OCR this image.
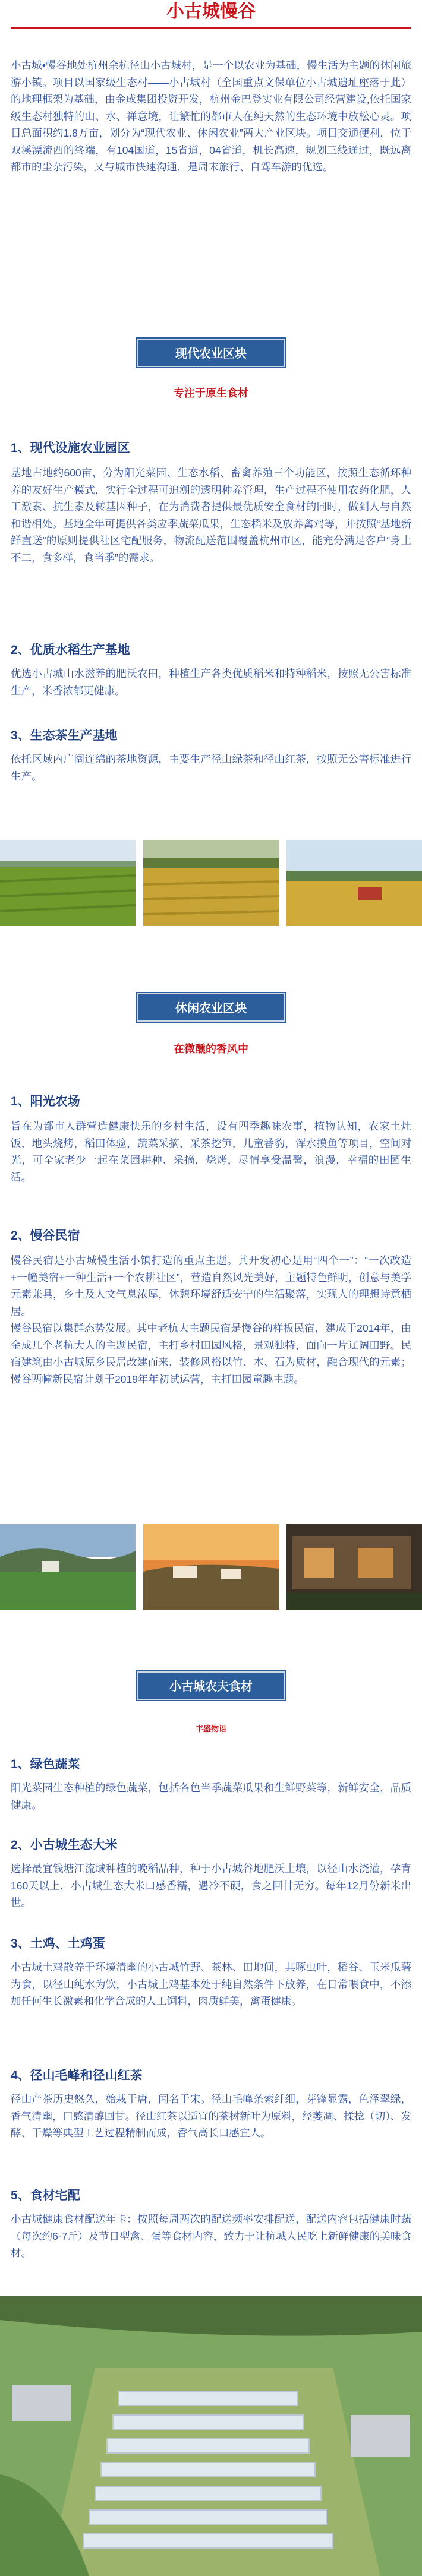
小古城慢谷

小古城•慢谷地处杭州余杭径山小古城村，是一个以农业为基础，慢生活为主题的休闲旅游小镇。项目以国家级生态村——小古城村（全国重点文保单位小古城遗址座落于此）的地理框架为基础，由金成集团投资开发，杭州金巴登实业有限公司经营建设,依托国家级生态村独特的山、水、禅意境，让繁忙的都市人在纯天然的生态环境中放松心灵。项目总面积约1.8万亩，划分为“现代农业、休闲农业”两大产业区块。项目交通便利，位于双溪漂流西的终端，有104国道，15省道，04省道，机长高速，规划三线通过，既远离都市的尘杂污染，又与城市快速沟通，是周末旅行、自驾车游的优选。

现代农业区块
专注于原生食材
1、现代设施农业园区

基地占地约600亩，分为阳光菜园、生态水稻、畜禽养殖三个功能区，按照生态循环种养的友好生产模式，实行全过程可追溯的透明种养管理，生产过程不使用农药化肥，人工激素、抗生素及转基因种子，在为消费者提供最优质安全食材的同时，做到人与自然和谐相处。基地全年可提供各类应季蔬菜瓜果，生态稻米及放养禽鸡等，并按照“基地新鲜直送”的原则提供社区宅配服务，物流配送范围覆盖杭州市区，能充分满足客户“身土不二，食多样，食当季”的需求。

2、优质水稻生产基地

优选小古城山水滋养的肥沃农田，种植生产各类优质稻米和特种稻米，按照无公害标准生产，米香浓郁更健康。

3、生态茶生产基地

依托区域内广阔连绵的茶地资源，主要生产径山绿茶和径山红茶，按照无公害标准进行生产。

休闲农业区块
在微醺的香风中
1、阳光农场

旨在为都市人群营造健康快乐的乡村生活，设有四季趣味农事，植物认知，农家土灶饭，地头烧烤，稻田体验，蔬菜采摘，采茶挖笋，儿童番豹，浑水摸鱼等项目，空间对光，可全家老少一起在菜园耕种、采摘，烧烤，尽情享受温馨，浪漫，幸福的田园生活。

2、慢谷民宿

慢谷民宿是小古城慢生活小镇打造的重点主题。其开发初心是用“四个一”：“一次改造+一幢美宿+一种生活+一个农耕社区”，营造自然风光美好，主题特色鲜明，创意与美学元素兼具，乡土及人文气息浓厚，休憩环境舒适安宁的生活聚落，实现人的理想诗意栖居。
慢谷民宿以集群态势发展。其中老杭大主题民宿是慢谷的样板民宿，建成于2014年，由金成几个老杭大人的主题民宿，主打乡村田园风格，景观独特，面向一片辽阔田野。民宿建筑由小古城原乡民居改建而来，装修风格以竹、木、石为质材，融合现代的元素；慢谷两幢新民宿计划于2019年年初试运营，主打田园童趣主题。

小古城农夫食材
丰盛物语
1、绿色蔬菜

阳光菜园生态种植的绿色蔬菜，包括各色当季蔬菜瓜果和生鲜野菜等，新鲜安全，品质健康。

2、小古城生态大米

选择最宜钱塘江流域种植的晚稻品种，种于小古城谷地肥沃土壤，以径山水浇灌，孕育160天以上，小古城生态大米口感香糯，遇冷不硬，食之回甘无穷。每年12月份新米出世。

3、土鸡、土鸡蛋

小古城土鸡散养于环境清幽的小古城竹野、茶林、田地间，其啄虫叶，稻谷、玉米瓜薯为食，以径山纯水为饮，小古城土鸡基本处于纯自然条件下放养，在日常喂食中，不添加任何生长激素和化学合成的人工饲料，肉质鲜美，禽蛋健康。

4、径山毛峰和径山红茶

径山产茶历史悠久，始栽于唐，闻名于宋。径山毛峰条索纤细，芽锋显露，色泽翠绿，香气清幽，口感清醇回甘。径山红茶以适宜的茶树新叶为原料，经萎凋、揉捻（切）、发酵、干燥等典型工艺过程精制而成，香气高长口感宜人。

5、食材宅配

小古城健康食材配送年卡：按照每周两次的配送频率安排配送，配送内容包括健康时蔬（每次约6-7斤）及节日型禽、蛋等食材内容，致力于让杭城人民吃上新鲜健康的美味食材。
